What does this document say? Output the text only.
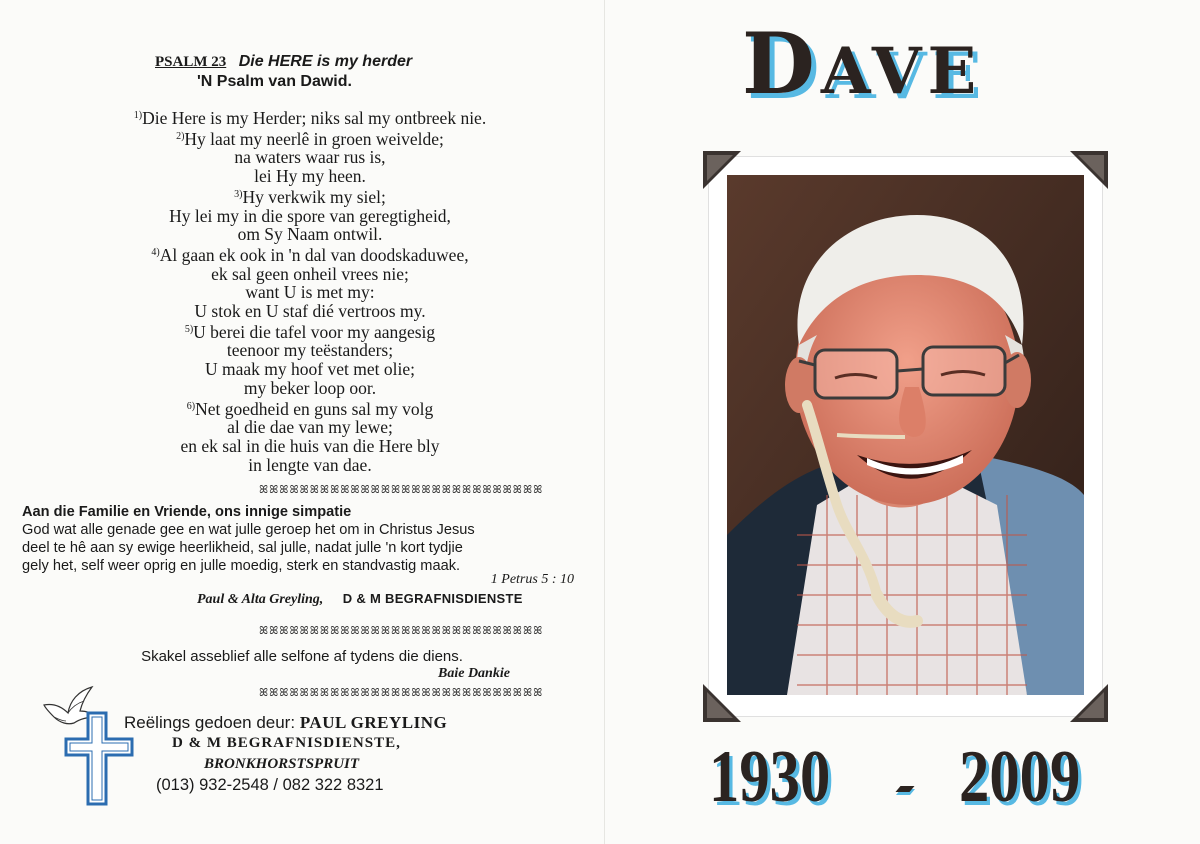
PSALM 23 Die HERE is my herder
'N Psalm van Dawid.
$^{1)}$Die Here is my Herder; niks sal my ontbreek nie.
$^{2)}$Hy laat my neerlê in groen weivelde;
na waters waar rus is,
lei Hy my heen.
$^{3)}$Hy verkwik my siel;
Hy lei my in die spore van geregtigheid,
om Sy Naam ontwil.
$^{4)}$Al gaan ek ook in 'n dal van doodskaduwee,
ek sal geen onheil vrees nie;
want U is met my:
U stok en U staf dié vertroos my.
$^{5)}$U berei die tafel voor my aangesig
teenoor my teëstanders;
U maak my hoof vet met olie;
my beker loop oor.
$^{6)}$Net goedheid en guns sal my volg
al die dae van my lewe;
en ek sal in die huis van die Here bly
in lengte van dae.
ꕤꕤꕤꕤꕤꕤꕤꕤꕤꕤꕤꕤꕤꕤꕤꕤꕤꕤꕤꕤꕤꕤꕤꕤꕤꕤꕤꕤ
Aan die Familie en Vriende, ons innige simpatie
God wat alle genade gee en wat julle geroep het om in Christus Jesus
deel te hê aan sy ewige heerlikheid, sal julle, nadat julle 'n kort tydjie
gely het, self weer oprig en julle moedig, sterk en standvastig maak.
1 Petrus 5 : 10
Paul & Alta Greyling, D & M BEGRAFNISDIENSTE
ꕤꕤꕤꕤꕤꕤꕤꕤꕤꕤꕤꕤꕤꕤꕤꕤꕤꕤꕤꕤꕤꕤꕤꕤꕤꕤꕤꕤ
Skakel asseblief alle selfone af tydens die diens.
Baie Dankie
ꕤꕤꕤꕤꕤꕤꕤꕤꕤꕤꕤꕤꕤꕤꕤꕤꕤꕤꕤꕤꕤꕤꕤꕤꕤꕤꕤꕤ
Reëlings gedoen deur: PAUL GREYLING
D & M BEGRAFNISDIENSTE,
BRONKHORSTSPRUIT
(013) 932-2548 / 082 322 8321
DAVE
1930 2009
